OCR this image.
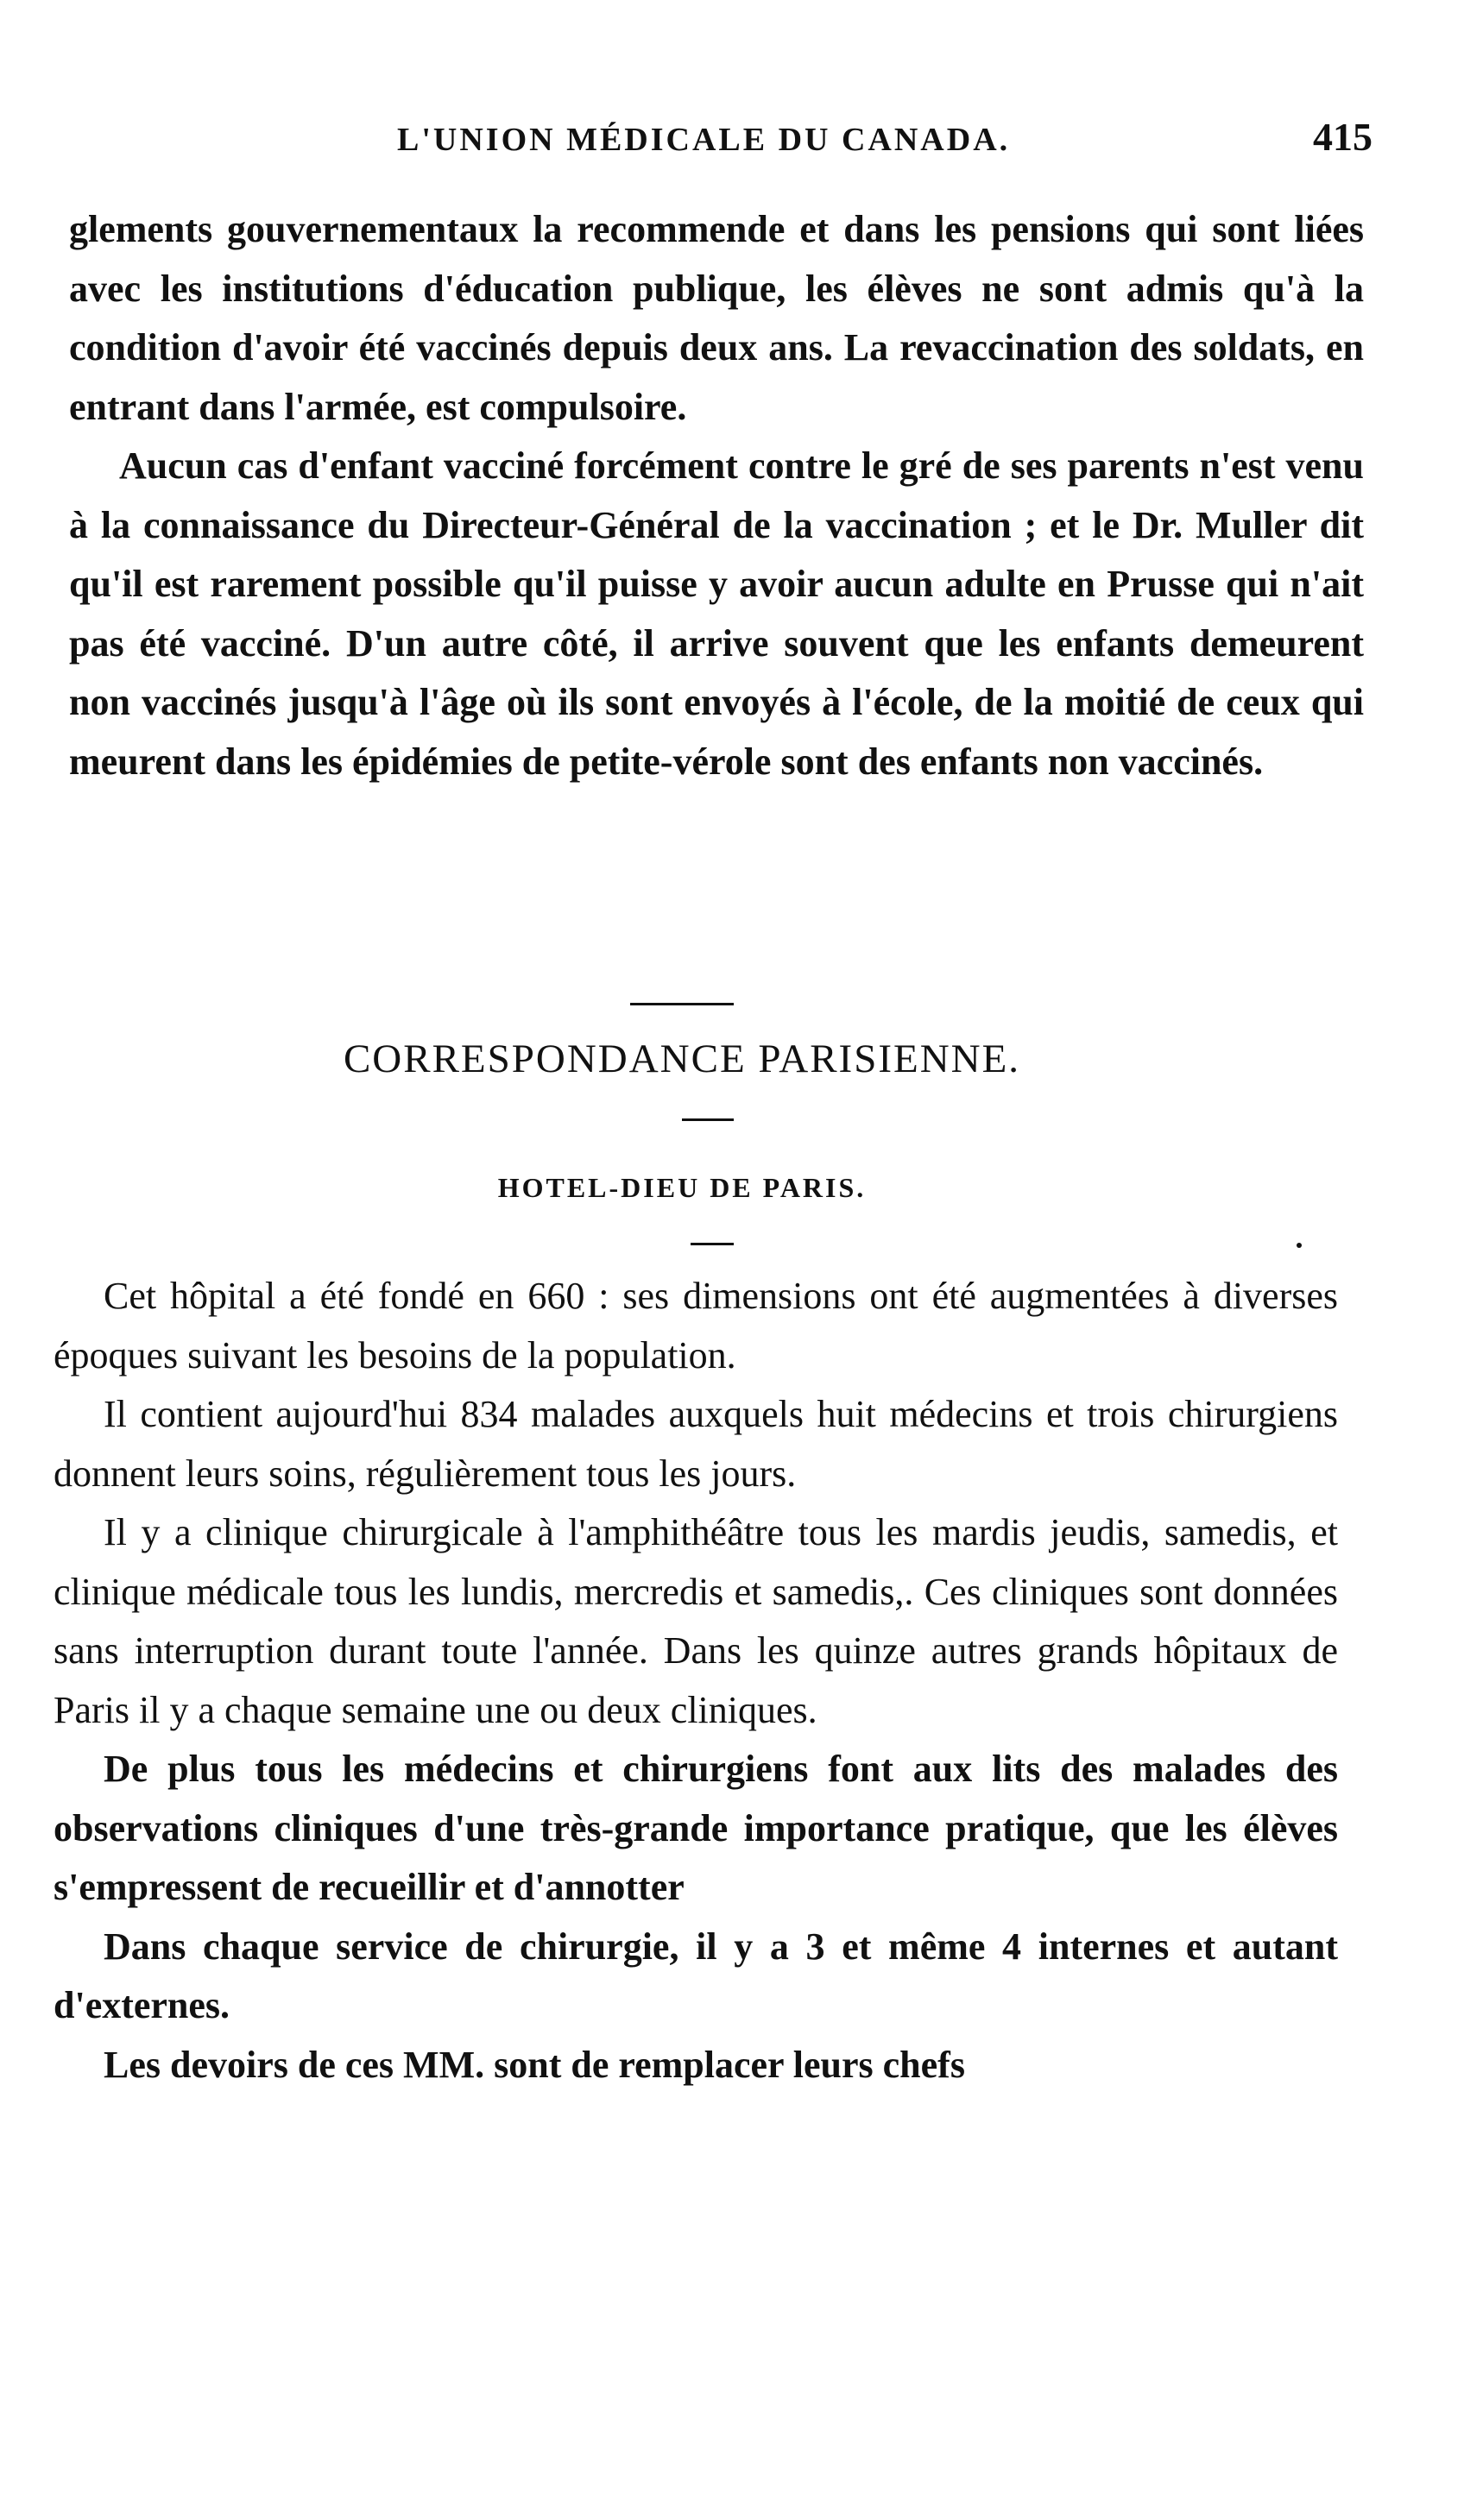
L'UNION MÉDICALE DU CANADA.	415

glements gouvernementaux la recommende et dans les pensions qui sont liées avec les institutions d'éducation publique, les élèves ne sont admis qu'à la condition d'avoir été vaccinés depuis deux ans. La revaccination des soldats, en entrant dans l'armée, est compulsoire.

Aucun cas d'enfant vacciné forcément contre le gré de ses parents n'est venu à la connaissance du Directeur-Général de la vaccination ; et le Dr. Muller dit qu'il est rarement possible qu'il puisse y avoir aucun adulte en Prusse qui n'ait pas été vacciné. D'un autre côté, il arrive souvent que les enfants demeurent non vaccinés jusqu'à l'âge où ils sont envoyés à l'école, de la moitié de ceux qui meurent dans les épidémies de petite-vérole sont des enfants non vaccinés.

CORRESPONDANCE PARISIENNE.
HOTEL-DIEU DE PARIS.

Cet hôpital a été fondé en 660 : ses dimensions ont été augmentées à diverses époques suivant les besoins de la population.

Il contient aujourd'hui 834 malades auxquels huit médecins et trois chirurgiens donnent leurs soins, régulièrement tous les jours.

Il y a clinique chirurgicale à l'amphithéâtre tous les mardis jeudis, samedis, et clinique médicale tous les lundis, mercredis et samedis,. Ces cliniques sont données sans interruption durant toute l'année. Dans les quinze autres grands hôpitaux de Paris il y a chaque semaine une ou deux cliniques.

De plus tous les médecins et chirurgiens font aux lits des malades des observations cliniques d'une très-grande importance pratique, que les élèves s'empressent de recueillir et d'annotter

Dans chaque service de chirurgie, il y a 3 et même 4 internes et autant d'externes.

Les devoirs de ces MM. sont de remplacer leurs chefs
